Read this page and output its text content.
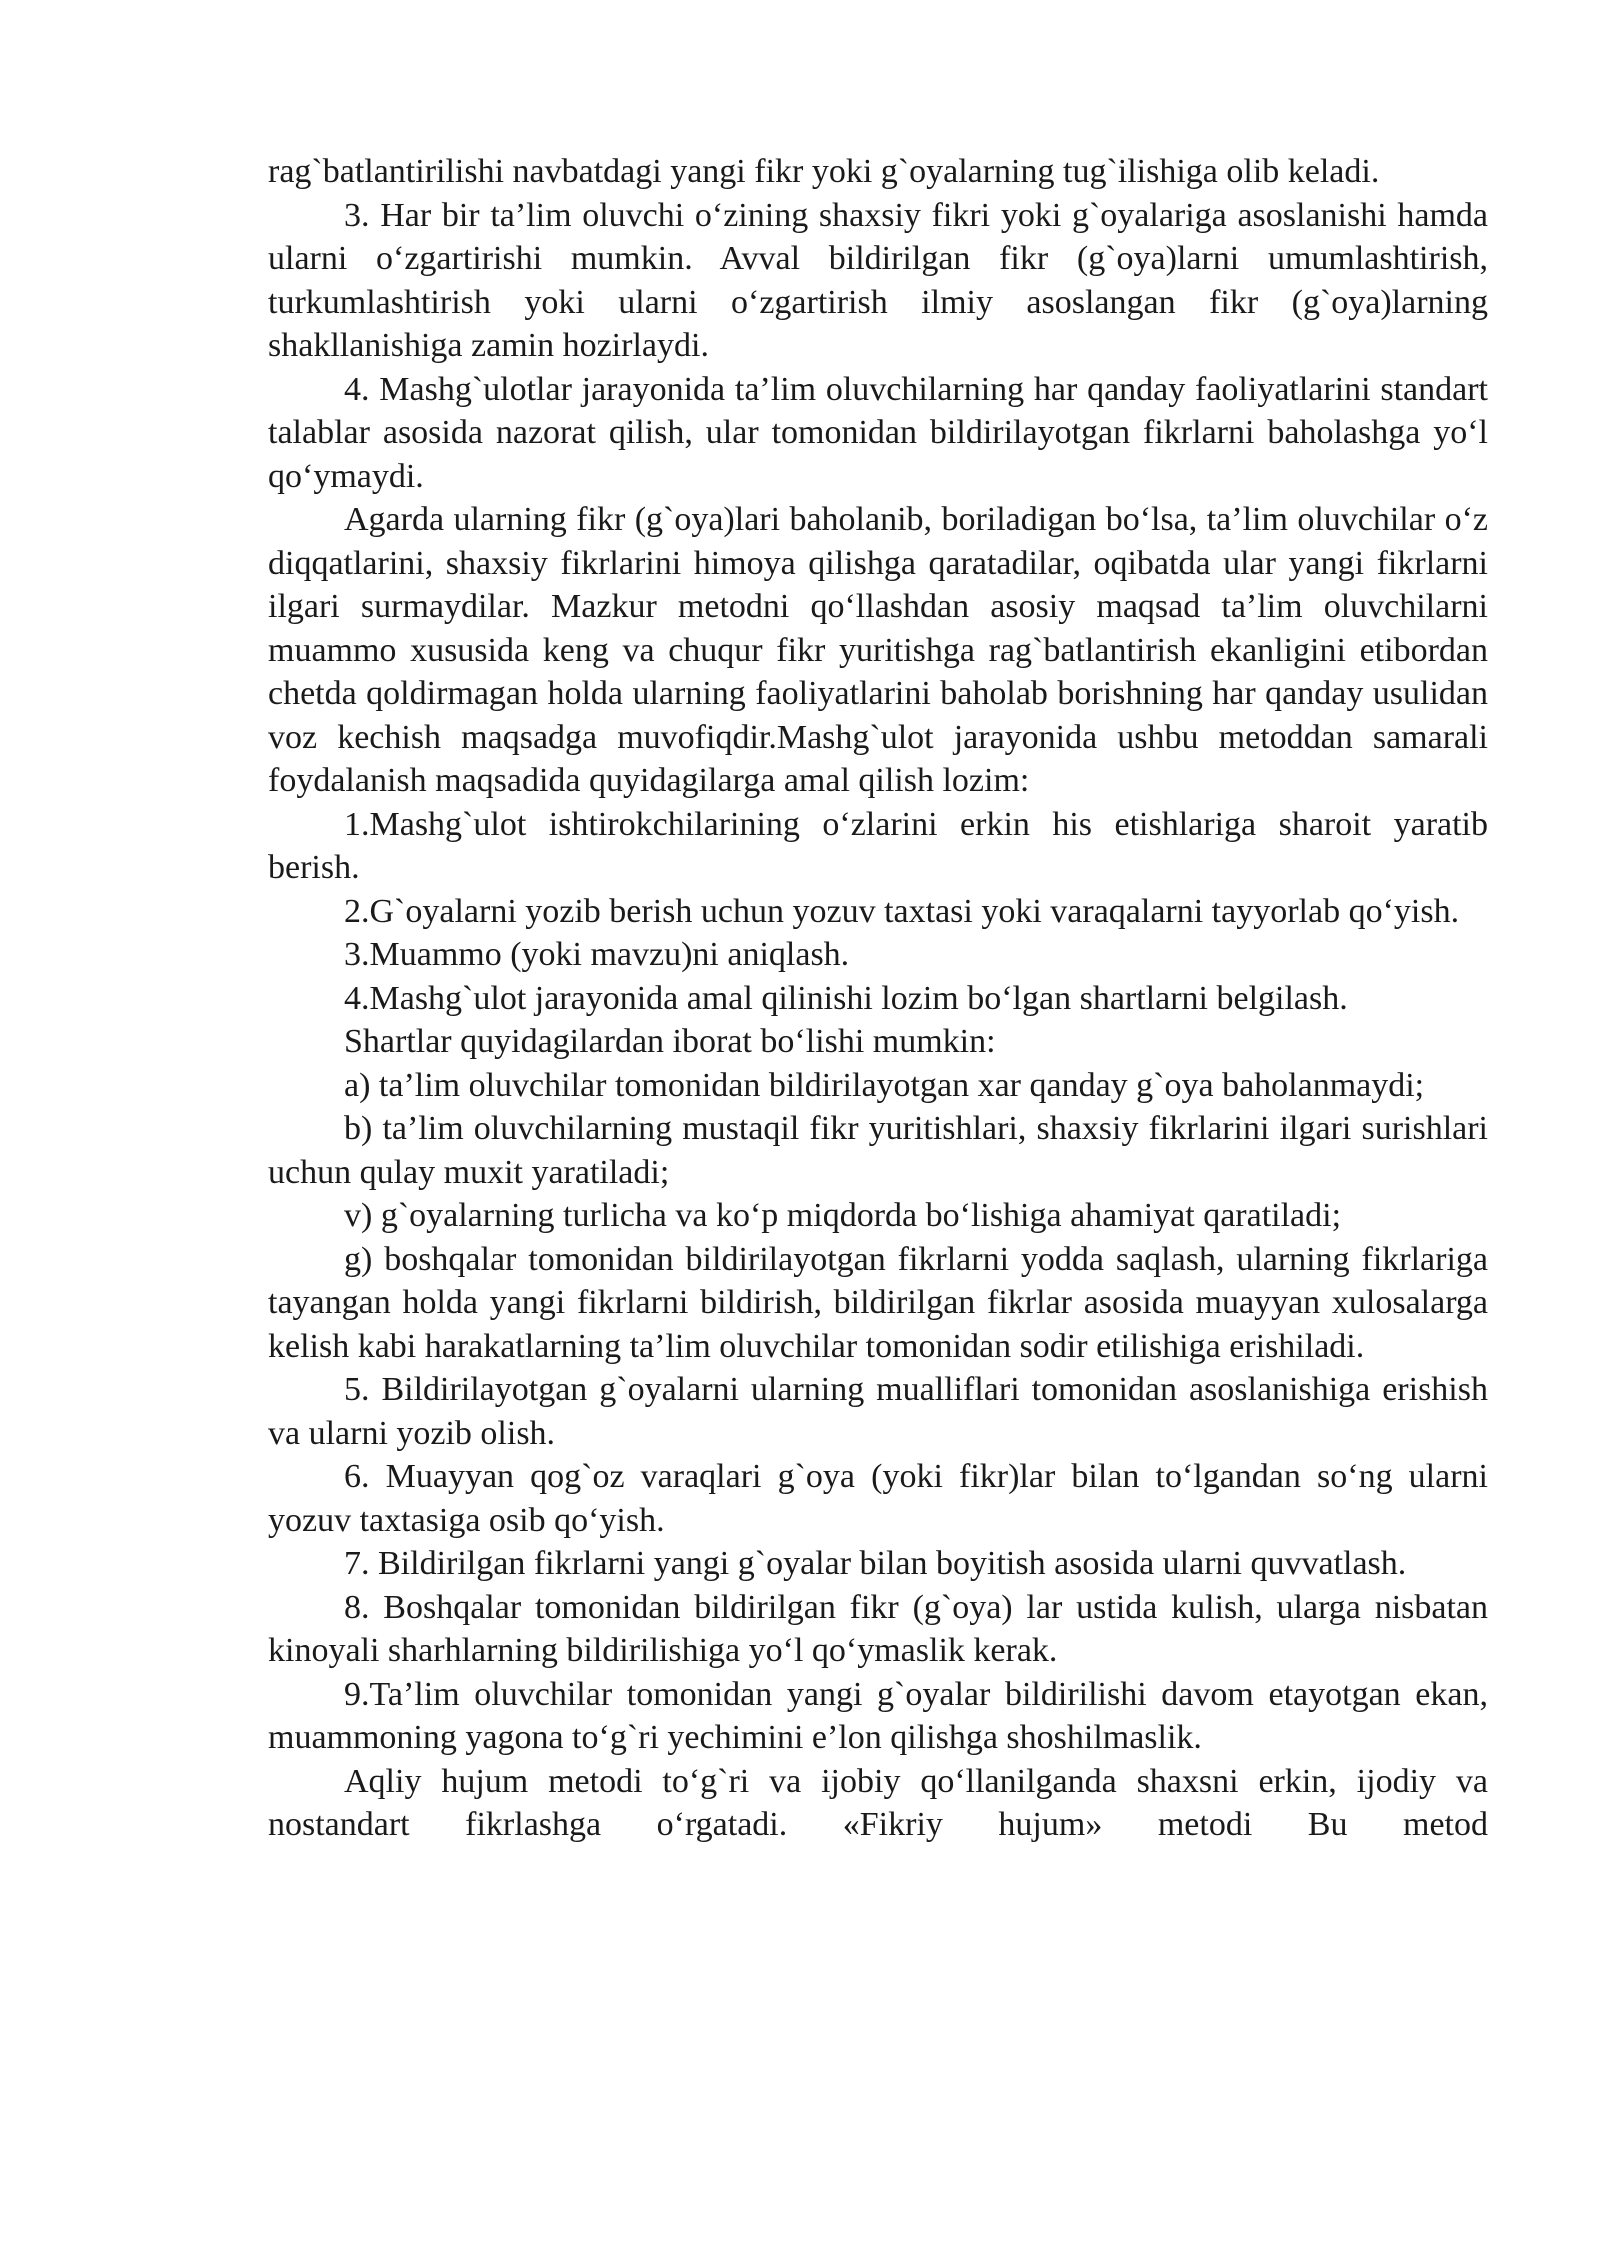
rag`batlantirilishi navbatdagi yangi fikr yoki g`oyalarning tug`ilishiga olib keladi.

3. Har bir ta’lim oluvchi o‘zining shaxsiy fikri yoki g`oyalariga asoslanishi hamda ularni o‘zgartirishi mumkin. Avval bildirilgan fikr (g`oya)larni umumlashtirish, turkumlashtirish yoki ularni o‘zgartirish ilmiy asoslangan fikr (g`oya)larning shakllanishiga zamin hozirlaydi.

4. Mashg`ulotlar jarayonida ta’lim oluvchilarning har qanday faoliyatlarini standart talablar asosida nazorat qilish, ular tomonidan bildirilayotgan fikrlarni baholashga yo‘l qo‘ymaydi.

Agarda ularning fikr (g`oya)lari baholanib, boriladigan bo‘lsa, ta’lim oluvchilar o‘z diqqatlarini, shaxsiy fikrlarini himoya qilishga qaratadilar, oqibatda ular yangi fikrlarni ilgari surmaydilar. Mazkur metodni qo‘llashdan asosiy maqsad ta’lim oluvchilarni muammo xususida keng va chuqur fikr yuritishga rag`batlantirish ekanligini etibordan chetda qoldirmagan holda ularning faoliyatlarini baholab borishning har qanday usulidan voz kechish maqsadga muvofiqdir.Mashg`ulot jarayonida ushbu metoddan samarali foydalanish maqsadida quyidagilarga amal qilish lozim:

1.Mashg`ulot ishtirokchilarining o‘zlarini erkin his etishlariga sharoit yaratib berish.

2.G`oyalarni yozib berish uchun yozuv taxtasi yoki varaqalarni tayyorlab qo‘yish.

3.Muammo (yoki mavzu)ni aniqlash.

4.Mashg`ulot jarayonida amal qilinishi lozim bo‘lgan shartlarni belgilash.

Shartlar quyidagilardan iborat bo‘lishi mumkin:

a) ta’lim oluvchilar tomonidan bildirilayotgan xar qanday g`oya baholanmaydi;

b) ta’lim oluvchilarning mustaqil fikr yuritishlari, shaxsiy fikrlarini ilgari surishlari uchun qulay muxit yaratiladi;

v) g`oyalarning turlicha va ko‘p miqdorda bo‘lishiga ahamiyat qaratiladi;

g) boshqalar tomonidan bildirilayotgan fikrlarni yodda saqlash, ularning fikrlariga tayangan holda yangi fikrlarni bildirish, bildirilgan fikrlar asosida muayyan xulosalarga kelish kabi harakatlarning ta’lim oluvchilar tomonidan sodir etilishiga erishiladi.

5. Bildirilayotgan g`oyalarni ularning mualliflari tomonidan asoslanishiga erishish va ularni yozib olish.

6. Muayyan qog`oz varaqlari g`oya (yoki fikr)lar bilan to‘lgandan so‘ng ularni yozuv taxtasiga osib qo‘yish.

7. Bildirilgan fikrlarni yangi g`oyalar bilan boyitish asosida ularni quvvatlash.

8. Boshqalar tomonidan bildirilgan fikr (g`oya) lar ustida kulish, ularga nisbatan kinoyali sharhlarning bildirilishiga yo‘l qo‘ymaslik kerak.

9.Ta’lim oluvchilar tomonidan yangi g`oyalar bildirilishi davom etayotgan ekan, muammoning yagona to‘g`ri yechimini e’lon qilishga shoshilmaslik.

Aqliy hujum metodi to‘g`ri va ijobiy qo‘llanilganda shaxsni erkin, ijodiy va nostandart fikrlashga o‘rgatadi. «Fikriy hujum» metodi Bu metod
